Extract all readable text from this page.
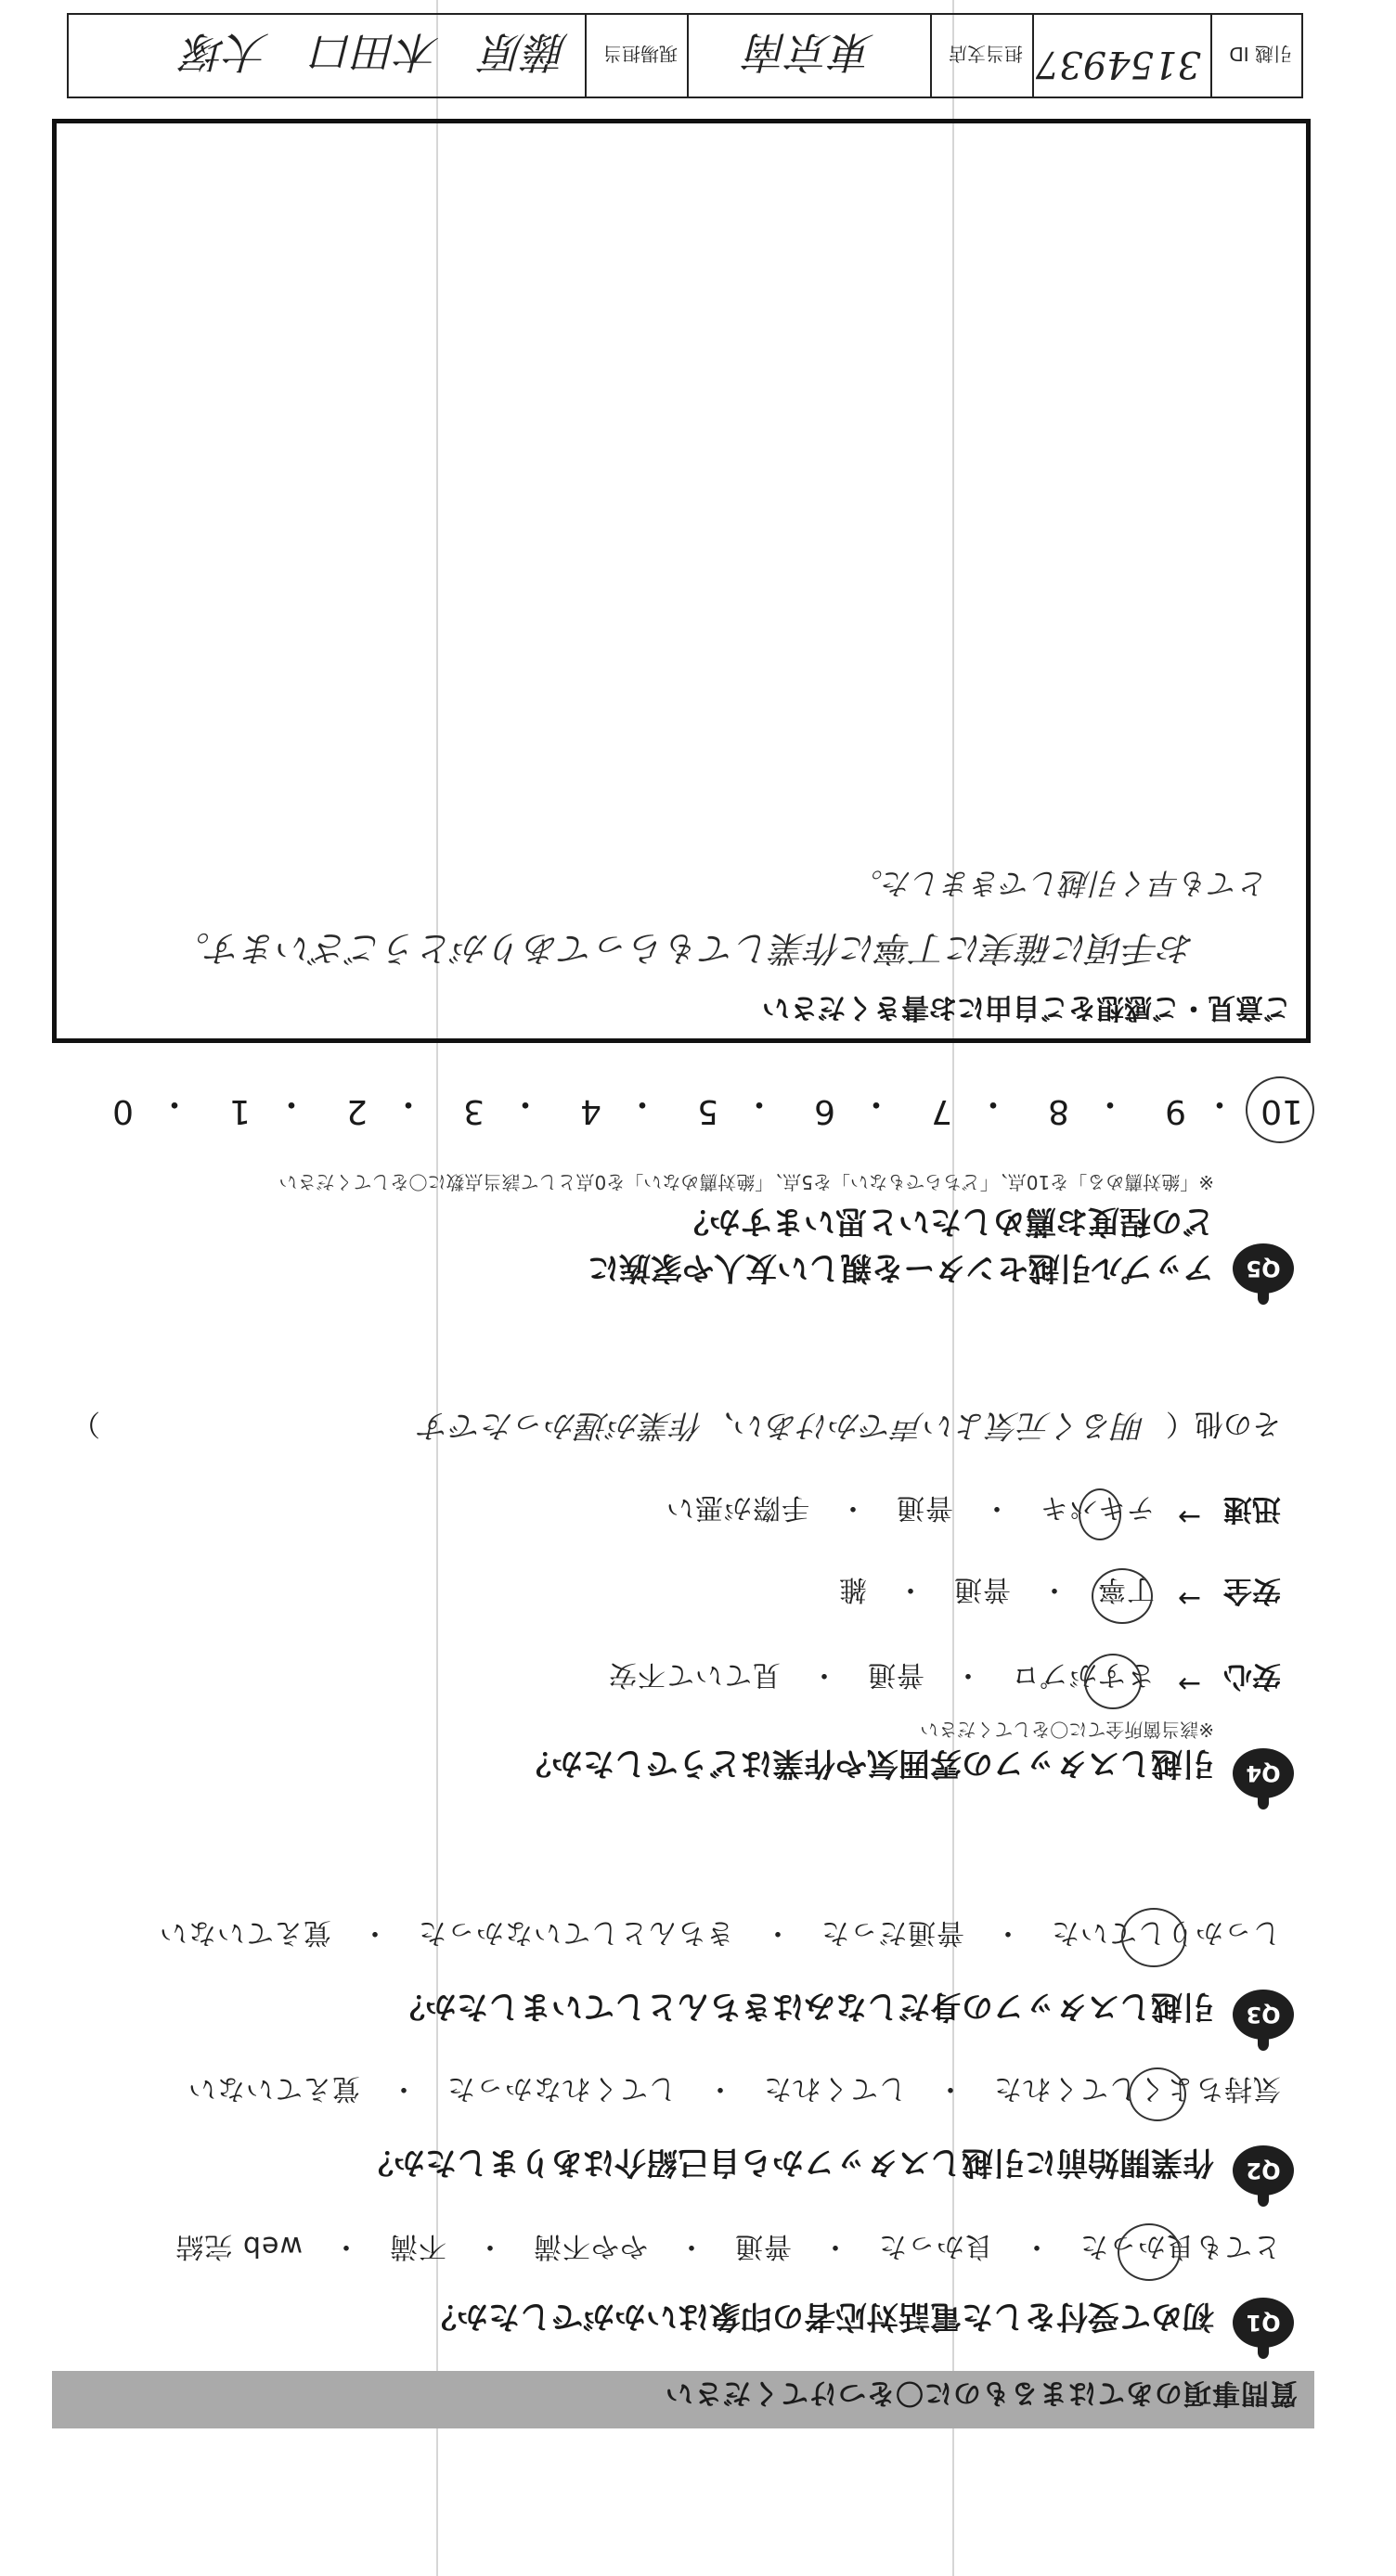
質問事項のあてはまるものに〇をつけてください
Q1
初めて受付をした電話対応者の印象はいかがでしたか？
とても良かった　・　良かった　・　普通　・　やや不満　・　不満　・　web 完結
Q2
作業開始前に引越しスタッフから自己紹介はありましたか？
気持ちよくしてくれた　・　してくれた　・　してくれなかった　・　覚えていない
Q3
引越しスタッフの身だしなみはきちんとしていましたか？
しっかりしていた　・　普通だった　・　きちんとしていなかった　・　覚えていない
Q4
引越しスタッフの雰囲気や作業はどうでしたか？
※該当箇所全てに〇をしてください
安心
→
さすがプロ　・　普通　・　見ていて不安
安全
→
丁寧　・　普通　・　雑
迅速
→
テキパキ　・　普通　・　手際が悪い
その他（
明るく元気よい声でかけあい、作業が遅かったです
）
Q5
アップル引越センターを親しい友人や家族に
どの程度お薦めしたいと思いますか？
※「絶対薦める」を10点、「どちらでもない」を5点、「絶対薦めない」を0点として該当点数に〇をしてください
10
・
9
・
8
・
7
・
6
・
5
・
4
・
3
・
2
・
1
・
0
ご意見・ご感想をご自由にお書きください
お手頃に確実に丁寧に作業してもらってありがとうございます。
とても早く引越しできました。
引越 ID
3154937
担当支店
東京南
現場担当
藤原　木田口　大塚
